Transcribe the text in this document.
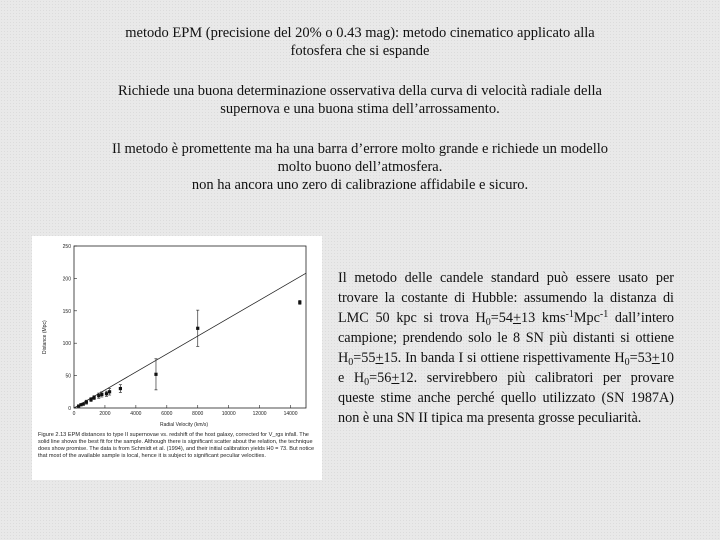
metodo EPM (precisione del 20% o 0.43 mag): metodo cinematico applicato alla
fotosfera che si espande
Richiede una buona determinazione osservativa della curva di velocità radiale della
supernova e una buona stima dell’arrossamento.
Il metodo è promettente ma ha una barra d’errore molto grande e richiede un modello
molto buono dell’atmosfera.
non ha ancora uno zero di calibrazione affidabile e sicuro.
0	2000	4000	6000	8000	10000	12000	14000
0
50
100
150
200
250
Distance (Mpc)
Radial Velocity (km/s)
Figure 2.13 EPM distances to type II supernovae vs. redshift of the host galaxy, corrected for V_rgs infall. The solid line shows the best fit for the sample. Although there is significant scatter about the relation, the technique does show promise. The data is from Schmidt et al. (1994), and their initial calibration yields H0 = 73. But notice that most of the available sample is local, hence it is subject to significant peculiar velocities.
Il metodo delle candele standard può essere usato per trovare la costante di Hubble: assumendo la distanza di LMC 50 kpc si trova $H_0=54+13$ kms$^{-1}$Mpc$^{-1}$ dall’intero campione; prendendo solo le 8 SN più distanti si ottiene $H_0=55+15$. In banda I si ottiene rispettivamente $H_0=53+10$ e $H_0=56+12$. servirebbero più calibratori per provare queste stime anche perché quello utilizzato (SN 1987A) non è una SN II tipica ma presenta grosse peculiarità.
